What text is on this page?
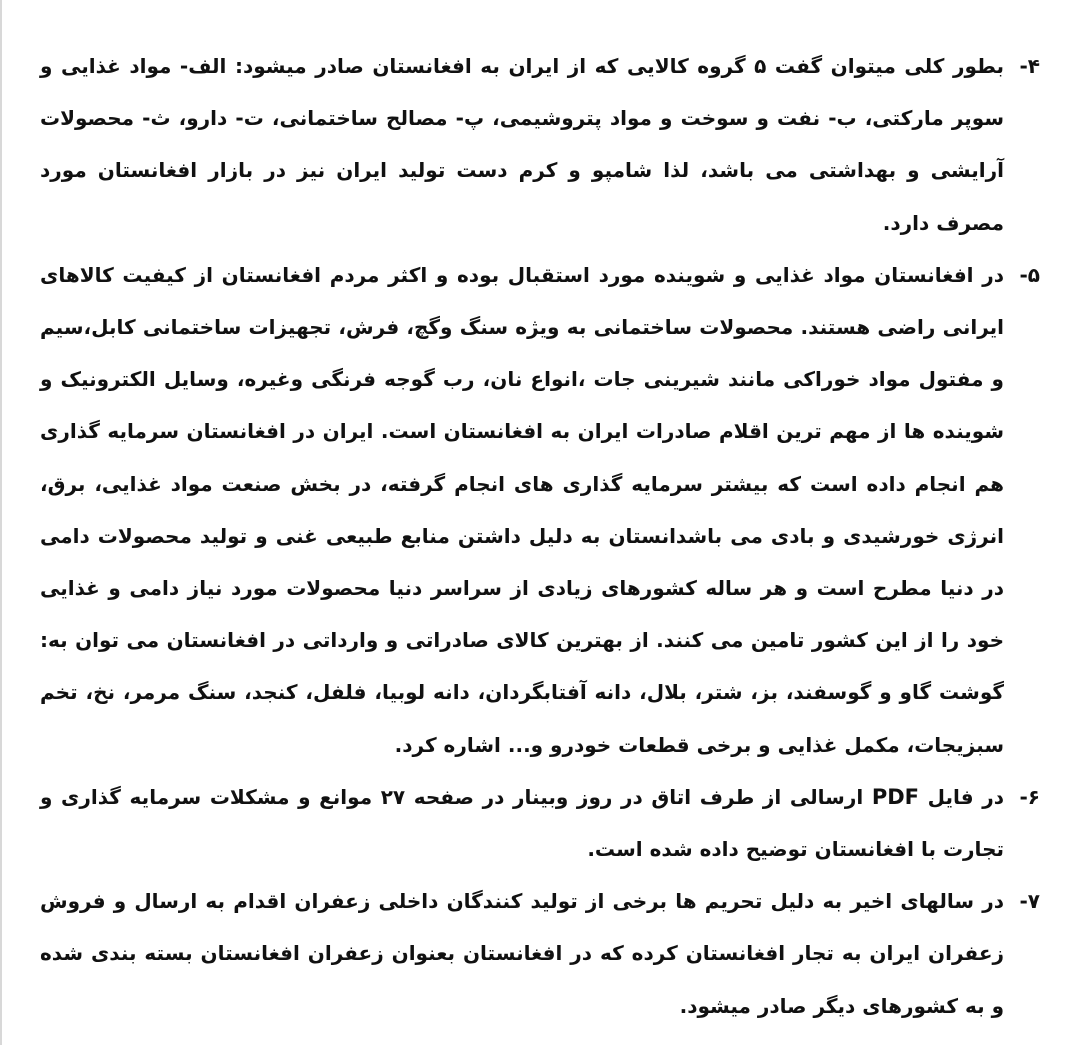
۴-
بطور کلی میتوان گفت ۵ گروه کالایی که از ایران به افغانستان صادر میشود: الف- مواد غذایی و سوپر مارکتی، ب- نفت و سوخت و مواد پتروشیمی، پ- مصالح ساختمانی، ت- دارو، ث- محصولات آرایشی و بهداشتی می باشد، لذا شامپو و کرم دست تولید ایران نیز در بازار افغانستان مورد مصرف دارد.
۵-
در افغانستان مواد غذایی و شوینده مورد استقبال بوده و اکثر مردم افغانستان از کیفیت کالاهای ایرانی راضی هستند. محصولات ساختمانی به ویژه سنگ وگچ، فرش، تجهیزات ساختمانی کابل،سیم و مفتول مواد خوراکی مانند شیرینی جات ،انواع نان، رب گوجه فرنگی وغیره، وسایل الکترونیک و شوینده ها از مهم ترین اقلام صادرات ایران به افغانستان است. ایران در افغانستان سرمایه گذاری هم انجام داده است که بیشتر سرمایه گذاری های انجام گرفته، در بخش صنعت مواد غذایی، برق، انرژی خورشیدی و بادی می باشدانستان به دلیل داشتن منابع طبیعی غنی و تولید محصولات دامی در دنیا مطرح است و هر ساله کشورهای زیادی از سراسر دنیا محصولات مورد نیاز دامی و غذایی خود را از این کشور تامین می کنند. از بهترین کالای صادراتی و وارداتی در افغانستان می توان به: گوشت گاو و گوسفند، بز، شتر، بلال، دانه آفتابگردان، دانه لوبیا، فلفل، کنجد، سنگ مرمر، نخ، تخم سبزیجات، مکمل غذایی و برخی قطعات خودرو و... اشاره کرد.
۶-
در فایل PDF ارسالی از طرف اتاق در روز وبینار در صفحه ۲۷ موانع و مشکلات سرمایه گذاری و تجارت با افغانستان توضیح داده شده است.
۷-
در سالهای اخیر به دلیل تحریم ها برخی از تولید کنندگان داخلی زعفران اقدام به ارسال و فروش زعفران ایران به تجار افغانستان کرده که در افغانستان بعنوان زعفران افغانستان بسته بندی شده و به کشورهای دیگر صادر میشود.
